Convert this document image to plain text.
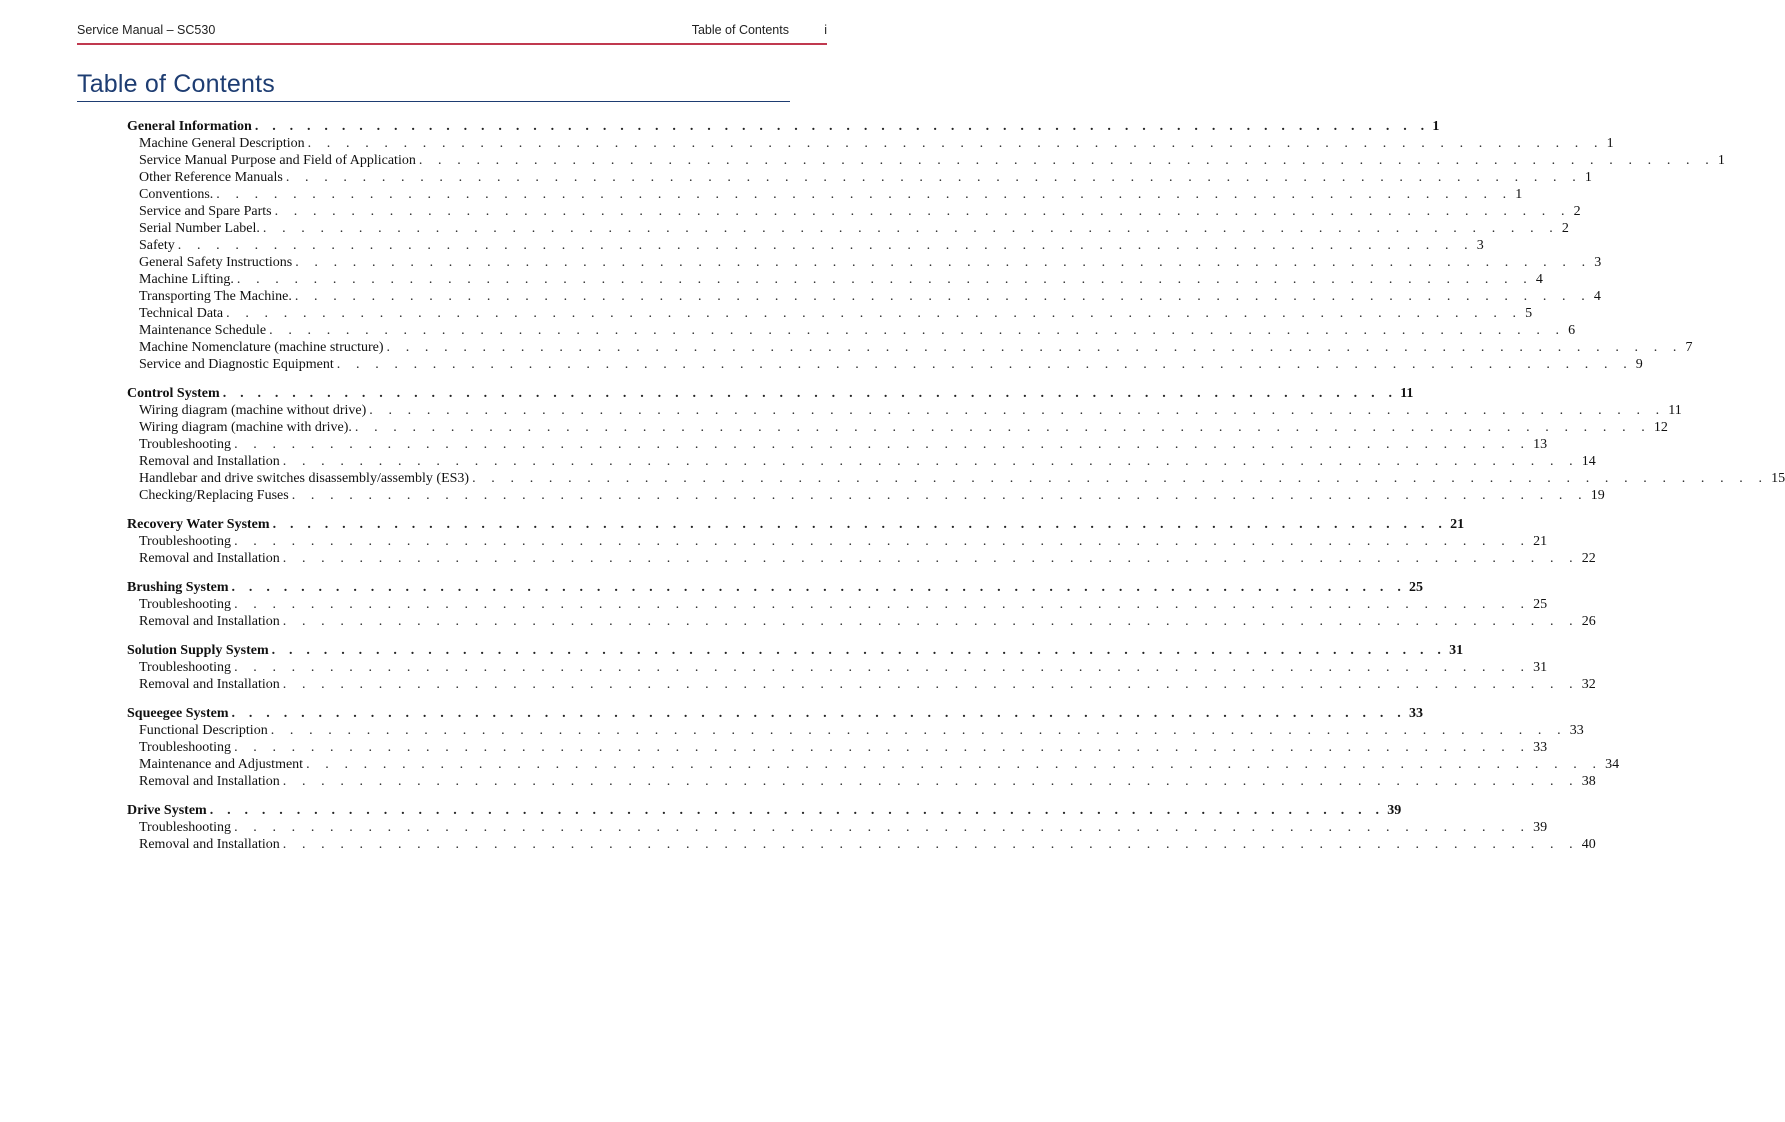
Service Manual – SC530	Table of Contents	i
Table of Contents
General Information . . . . . . . . . . . . . . . . . . . . . . . . . . . . . . . . . . . . . . . . . . . . . . . . . . . . . . . . . . . . . . . . . . . . 1
Machine General Description . . . . . . . . . . . . . . . . . . . . . . . . . . . . . . . . . . . . . . . . . . . . . . . . . . . . . . . . . . . . . . . . . . . . 1
Service Manual Purpose and Field of Application . . . . . . . . . . . . . . . . . . . . . . . . . . . . . . . . . . . . . . . . . . . . . . . . . . . . . . . . . . . . . . . . . . . . 1
Other Reference Manuals . . . . . . . . . . . . . . . . . . . . . . . . . . . . . . . . . . . . . . . . . . . . . . . . . . . . . . . . . . . . . . . . . . . . 1
Conventions. . . . . . . . . . . . . . . . . . . . . . . . . . . . . . . . . . . . . . . . . . . . . . . . . . . . . . . . . . . . . . . . . . . . . 1
Service and Spare Parts . . . . . . . . . . . . . . . . . . . . . . . . . . . . . . . . . . . . . . . . . . . . . . . . . . . . . . . . . . . . . . . . . . . . 2
Serial Number Label. . . . . . . . . . . . . . . . . . . . . . . . . . . . . . . . . . . . . . . . . . . . . . . . . . . . . . . . . . . . . . . . . . . . . 2
Safety . . . . . . . . . . . . . . . . . . . . . . . . . . . . . . . . . . . . . . . . . . . . . . . . . . . . . . . . . . . . . . . . . . . . 3
General Safety Instructions . . . . . . . . . . . . . . . . . . . . . . . . . . . . . . . . . . . . . . . . . . . . . . . . . . . . . . . . . . . . . . . . . . . . 3
Machine Lifting. . . . . . . . . . . . . . . . . . . . . . . . . . . . . . . . . . . . . . . . . . . . . . . . . . . . . . . . . . . . . . . . . . . . . 4
Transporting The Machine. . . . . . . . . . . . . . . . . . . . . . . . . . . . . . . . . . . . . . . . . . . . . . . . . . . . . . . . . . . . . . . . . . . . . 4
Technical Data . . . . . . . . . . . . . . . . . . . . . . . . . . . . . . . . . . . . . . . . . . . . . . . . . . . . . . . . . . . . . . . . . . . . 5
Maintenance Schedule . . . . . . . . . . . . . . . . . . . . . . . . . . . . . . . . . . . . . . . . . . . . . . . . . . . . . . . . . . . . . . . . . . . . 6
Machine Nomenclature (machine structure) . . . . . . . . . . . . . . . . . . . . . . . . . . . . . . . . . . . . . . . . . . . . . . . . . . . . . . . . . . . . . . . . . . . . 7
Service and Diagnostic Equipment . . . . . . . . . . . . . . . . . . . . . . . . . . . . . . . . . . . . . . . . . . . . . . . . . . . . . . . . . . . . . . . . . . . . 9
Control System . . . . . . . . . . . . . . . . . . . . . . . . . . . . . . . . . . . . . . . . . . . . . . . . . . . . . . . . . . . . . . . . . . . . 11
Wiring diagram (machine without drive) . . . . . . . . . . . . . . . . . . . . . . . . . . . . . . . . . . . . . . . . . . . . . . . . . . . . . . . . . . . . . . . . . . . . 11
Wiring diagram (machine with drive). . . . . . . . . . . . . . . . . . . . . . . . . . . . . . . . . . . . . . . . . . . . . . . . . . . . . . . . . . . . . . . . . . . . . 12
Troubleshooting . . . . . . . . . . . . . . . . . . . . . . . . . . . . . . . . . . . . . . . . . . . . . . . . . . . . . . . . . . . . . . . . . . . . 13
Removal and Installation . . . . . . . . . . . . . . . . . . . . . . . . . . . . . . . . . . . . . . . . . . . . . . . . . . . . . . . . . . . . . . . . . . . . 14
Handlebar and drive switches disassembly/assembly (ES3) . . . . . . . . . . . . . . . . . . . . . . . . . . . . . . . . . . . . . . . . . . . . . . . . . . . . . . . . . . . . . . . . . . . . 15
Checking/Replacing Fuses . . . . . . . . . . . . . . . . . . . . . . . . . . . . . . . . . . . . . . . . . . . . . . . . . . . . . . . . . . . . . . . . . . . . 19
Recovery Water System . . . . . . . . . . . . . . . . . . . . . . . . . . . . . . . . . . . . . . . . . . . . . . . . . . . . . . . . . . . . . . . . . . . . 21
Troubleshooting . . . . . . . . . . . . . . . . . . . . . . . . . . . . . . . . . . . . . . . . . . . . . . . . . . . . . . . . . . . . . . . . . . . . 21
Removal and Installation . . . . . . . . . . . . . . . . . . . . . . . . . . . . . . . . . . . . . . . . . . . . . . . . . . . . . . . . . . . . . . . . . . . . 22
Brushing System . . . . . . . . . . . . . . . . . . . . . . . . . . . . . . . . . . . . . . . . . . . . . . . . . . . . . . . . . . . . . . . . . . . . 25
Troubleshooting . . . . . . . . . . . . . . . . . . . . . . . . . . . . . . . . . . . . . . . . . . . . . . . . . . . . . . . . . . . . . . . . . . . . 25
Removal and Installation . . . . . . . . . . . . . . . . . . . . . . . . . . . . . . . . . . . . . . . . . . . . . . . . . . . . . . . . . . . . . . . . . . . . 26
Solution Supply System . . . . . . . . . . . . . . . . . . . . . . . . . . . . . . . . . . . . . . . . . . . . . . . . . . . . . . . . . . . . . . . . . . . . 31
Troubleshooting . . . . . . . . . . . . . . . . . . . . . . . . . . . . . . . . . . . . . . . . . . . . . . . . . . . . . . . . . . . . . . . . . . . . 31
Removal and Installation . . . . . . . . . . . . . . . . . . . . . . . . . . . . . . . . . . . . . . . . . . . . . . . . . . . . . . . . . . . . . . . . . . . . 32
Squeegee System . . . . . . . . . . . . . . . . . . . . . . . . . . . . . . . . . . . . . . . . . . . . . . . . . . . . . . . . . . . . . . . . . . . . 33
Functional Description . . . . . . . . . . . . . . . . . . . . . . . . . . . . . . . . . . . . . . . . . . . . . . . . . . . . . . . . . . . . . . . . . . . . 33
Troubleshooting . . . . . . . . . . . . . . . . . . . . . . . . . . . . . . . . . . . . . . . . . . . . . . . . . . . . . . . . . . . . . . . . . . . . 33
Maintenance and Adjustment . . . . . . . . . . . . . . . . . . . . . . . . . . . . . . . . . . . . . . . . . . . . . . . . . . . . . . . . . . . . . . . . . . . . 34
Removal and Installation . . . . . . . . . . . . . . . . . . . . . . . . . . . . . . . . . . . . . . . . . . . . . . . . . . . . . . . . . . . . . . . . . . . . 38
Drive System . . . . . . . . . . . . . . . . . . . . . . . . . . . . . . . . . . . . . . . . . . . . . . . . . . . . . . . . . . . . . . . . . . . . 39
Troubleshooting . . . . . . . . . . . . . . . . . . . . . . . . . . . . . . . . . . . . . . . . . . . . . . . . . . . . . . . . . . . . . . . . . . . . 39
Removal and Installation . . . . . . . . . . . . . . . . . . . . . . . . . . . . . . . . . . . . . . . . . . . . . . . . . . . . . . . . . . . . . . . . . . . . 40
